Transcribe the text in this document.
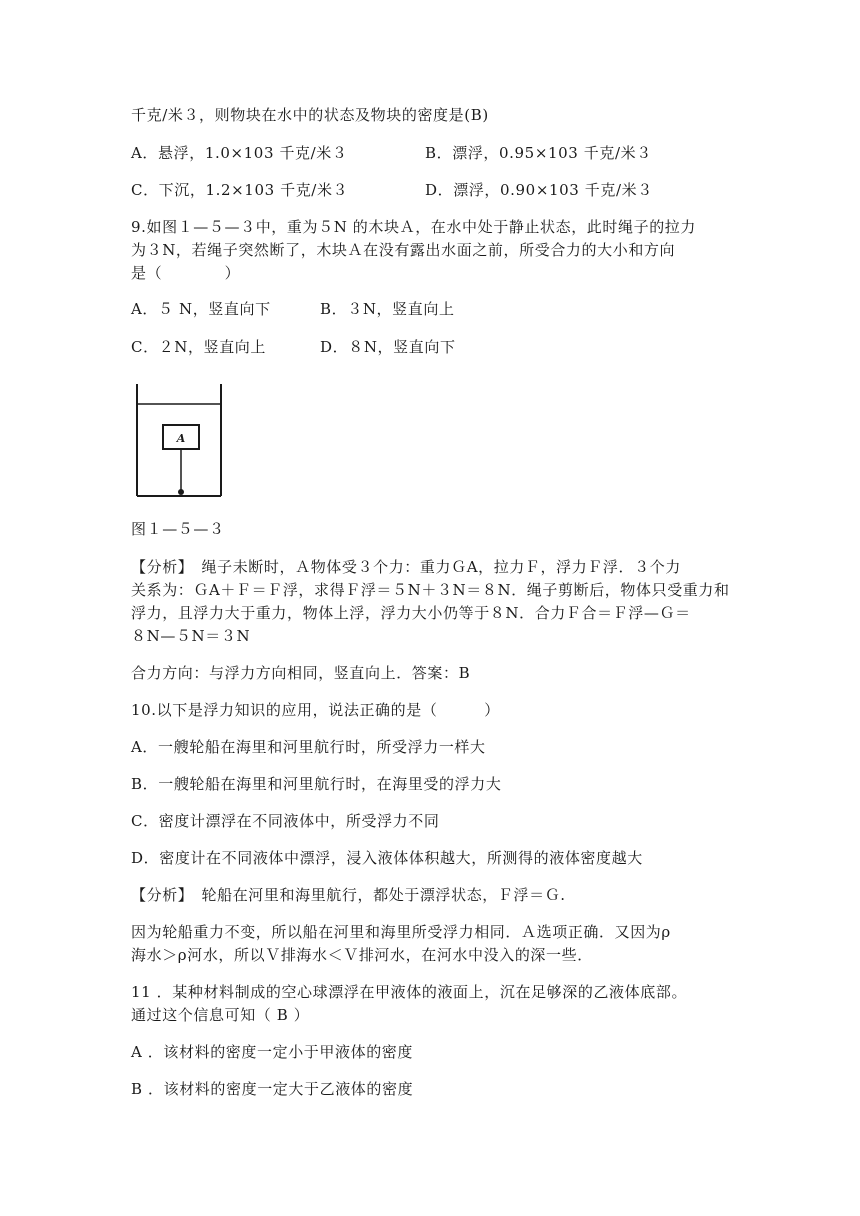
千克/米３，则物块在水中的状态及物块的密度是(B)
A．悬浮，1.0×103 千克/米３	B．漂浮，0.95×103 千克/米３
C．下沉，1.2×103 千克/米３	D．漂浮，0.90×103 千克/米３
9.如图１—５—３中，重为５N 的木块Ａ，在水中处于静止状态，此时绳子的拉力
为３N，若绳子突然断了，木块Ａ在没有露出水面之前，所受合力的大小和方向
是（　　　　）
A．５ N，竖直向下	B．３N，竖直向上
C．２N，竖直向上	D．８N，竖直向下
A
图１—５—３
【分析】　绳子未断时，Ａ物体受３个力：重力ＧA，拉力Ｆ，浮力Ｆ浮．３个力
关系为：ＧA＋Ｆ＝Ｆ浮，求得Ｆ浮＝５N＋３N＝８N．绳子剪断后，物体只受重力和
浮力，且浮力大于重力，物体上浮，浮力大小仍等于８N．合力Ｆ合＝Ｆ浮—Ｇ＝
８N—５N＝３N
合力方向：与浮力方向相同，竖直向上．答案：B
10.以下是浮力知识的应用，说法正确的是（　　　）
A．一艘轮船在海里和河里航行时，所受浮力一样大
B．一艘轮船在海里和河里航行时，在海里受的浮力大
C．密度计漂浮在不同液体中，所受浮力不同
D．密度计在不同液体中漂浮，浸入液体体积越大，所测得的液体密度越大
【分析】　轮船在河里和海里航行，都处于漂浮状态，Ｆ浮＝Ｇ.
因为轮船重力不变，所以船在河里和海里所受浮力相同．Ａ选项正确．又因为ρ
海水＞ρ河水，所以Ｖ排海水＜Ｖ排河水，在河水中没入的深一些．
11 ．某种材料制成的空心球漂浮在甲液体的液面上，沉在足够深的乙液体底部。
通过这个信息可知（ B ）
A ．该材料的密度一定小于甲液体的密度
B ．该材料的密度一定大于乙液体的密度
